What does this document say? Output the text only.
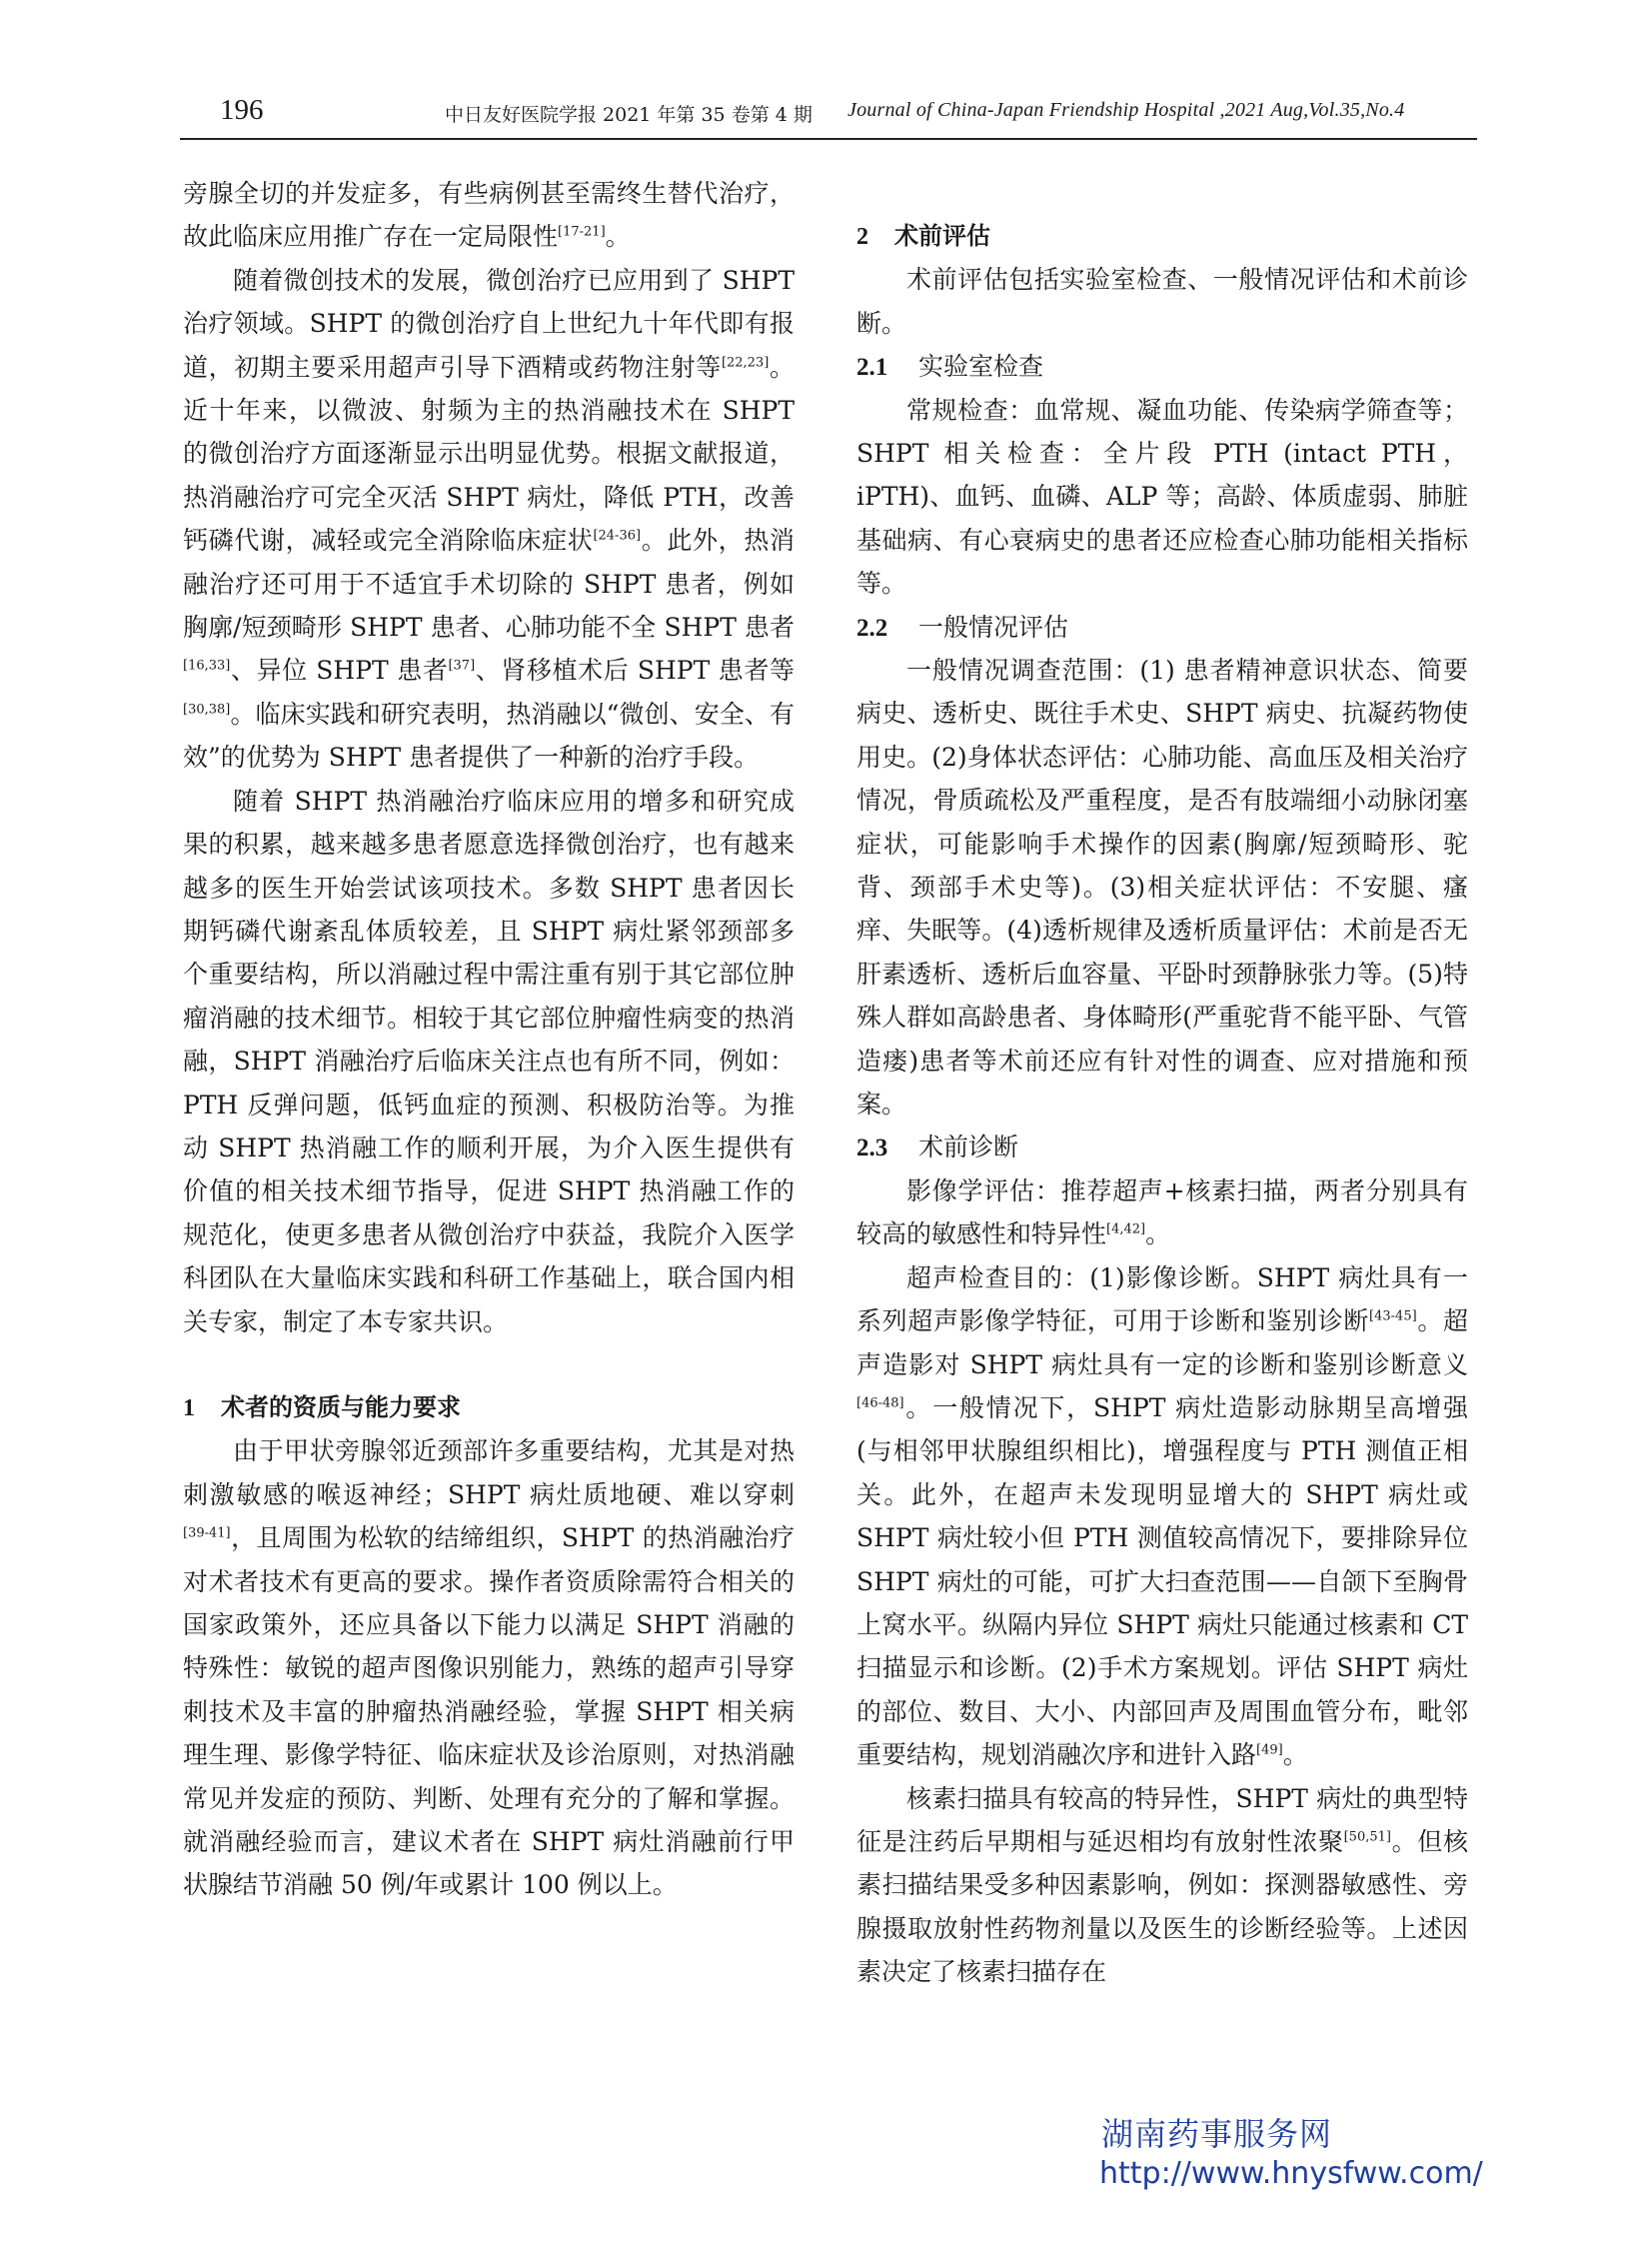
196	中日友好医院学报 2021 年第 35 卷第 4 期 Journal of China-Japan Friendship Hospital ,2021 Aug,Vol.35,No.4

旁腺全切的并发症多，有些病例甚至需终生替代治疗，故此临床应用推广存在一定局限性[17-21]。

随着微创技术的发展，微创治疗已应用到了 SHPT 治疗领域。SHPT 的微创治疗自上世纪九十年代即有报道，初期主要采用超声引导下酒精或药物注射等[22,23]。近十年来，以微波、射频为主的热消融技术在 SHPT 的微创治疗方面逐渐显示出明显优势。根据文献报道，热消融治疗可完全灭活 SHPT 病灶，降低 PTH，改善钙磷代谢，减轻或完全消除临床症状[24-36]。此外，热消融治疗还可用于不适宜手术切除的 SHPT 患者，例如胸廓/短颈畸形 SHPT 患者、心肺功能不全 SHPT 患者[16,33]、异位 SHPT 患者[37]、肾移植术后 SHPT 患者等[30,38]。临床实践和研究表明，热消融以“微创、安全、有效”的优势为 SHPT 患者提供了一种新的治疗手段。

随着 SHPT 热消融治疗临床应用的增多和研究成果的积累，越来越多患者愿意选择微创治疗，也有越来越多的医生开始尝试该项技术。多数 SHPT 患者因长期钙磷代谢紊乱体质较差，且 SHPT 病灶紧邻颈部多个重要结构，所以消融过程中需注重有别于其它部位肿瘤消融的技术细节。相较于其它部位肿瘤性病变的热消融，SHPT 消融治疗后临床关注点也有所不同，例如：PTH 反弹问题，低钙血症的预测、积极防治等。为推动 SHPT 热消融工作的顺利开展，为介入医生提供有价值的相关技术细节指导，促进 SHPT 热消融工作的规范化，使更多患者从微创治疗中获益，我院介入医学科团队在大量临床实践和科研工作基础上，联合国内相关专家，制定了本专家共识。

1 术者的资质与能力要求

由于甲状旁腺邻近颈部许多重要结构，尤其是对热刺激敏感的喉返神经；SHPT 病灶质地硬、难以穿刺 [39-41]，且周围为松软的结缔组织，SHPT 的热消融治疗对术者技术有更高的要求。操作者资质除需符合相关的国家政策外，还应具备以下能力以满足 SHPT 消融的特殊性：敏锐的超声图像识别能力，熟练的超声引导穿刺技术及丰富的肿瘤热消融经验，掌握 SHPT 相关病理生理、影像学特征、临床症状及诊治原则，对热消融常见并发症的预防、判断、处理有充分的了解和掌握。就消融经验而言，建议术者在 SHPT 病灶消融前行甲状腺结节消融 50 例/年或累计 100 例以上。

2 术前评估

术前评估包括实验室检查、一般情况评估和术前诊断。

2.1 实验室检查

常规检查：血常规、凝血功能、传染病学筛查等；SHPT 相关检查：全片段 PTH (intact PTH，iPTH)、血钙、血磷、ALP 等；高龄、体质虚弱、肺脏基础病、有心衰病史的患者还应检查心肺功能相关指标等。

2.2 一般情况评估

一般情况调查范围：(1) 患者精神意识状态、简要病史、透析史、既往手术史、SHPT 病史、抗凝药物使用史。(2)身体状态评估：心肺功能、高血压及相关治疗情况，骨质疏松及严重程度，是否有肢端细小动脉闭塞症状，可能影响手术操作的因素(胸廓/短颈畸形、驼背、颈部手术史等)。(3)相关症状评估：不安腿、瘙痒、失眠等。(4)透析规律及透析质量评估：术前是否无肝素透析、透析后血容量、平卧时颈静脉张力等。(5)特殊人群如高龄患者、身体畸形(严重驼背不能平卧、气管造瘘)患者等术前还应有针对性的调查、应对措施和预案。

2.3 术前诊断

影像学评估：推荐超声+核素扫描，两者分别具有较高的敏感性和特异性[4,42]。

超声检查目的：(1)影像诊断。SHPT 病灶具有一系列超声影像学特征，可用于诊断和鉴别诊断[43-45]。超声造影对 SHPT 病灶具有一定的诊断和鉴别诊断意义[46-48]。一般情况下，SHPT 病灶造影动脉期呈高增强(与相邻甲状腺组织相比)，增强程度与 PTH 测值正相关。此外，在超声未发现明显增大的 SHPT 病灶或 SHPT 病灶较小但 PTH 测值较高情况下，要排除异位 SHPT 病灶的可能，可扩大扫查范围——自颌下至胸骨上窝水平。纵隔内异位 SHPT 病灶只能通过核素和 CT 扫描显示和诊断。(2)手术方案规划。评估 SHPT 病灶的部位、数目、大小、内部回声及周围血管分布，毗邻重要结构，规划消融次序和进针入路[49]。

核素扫描具有较高的特异性，SHPT 病灶的典型特征是注药后早期相与延迟相均有放射性浓聚[50,51]。但核素扫描结果受多种因素影响，例如：探测器敏感性、旁腺摄取放射性药物剂量以及医生的诊断经验等。上述因素决定了核素扫描存在

湖南药事服务网
http://www.hnysfww.com/
